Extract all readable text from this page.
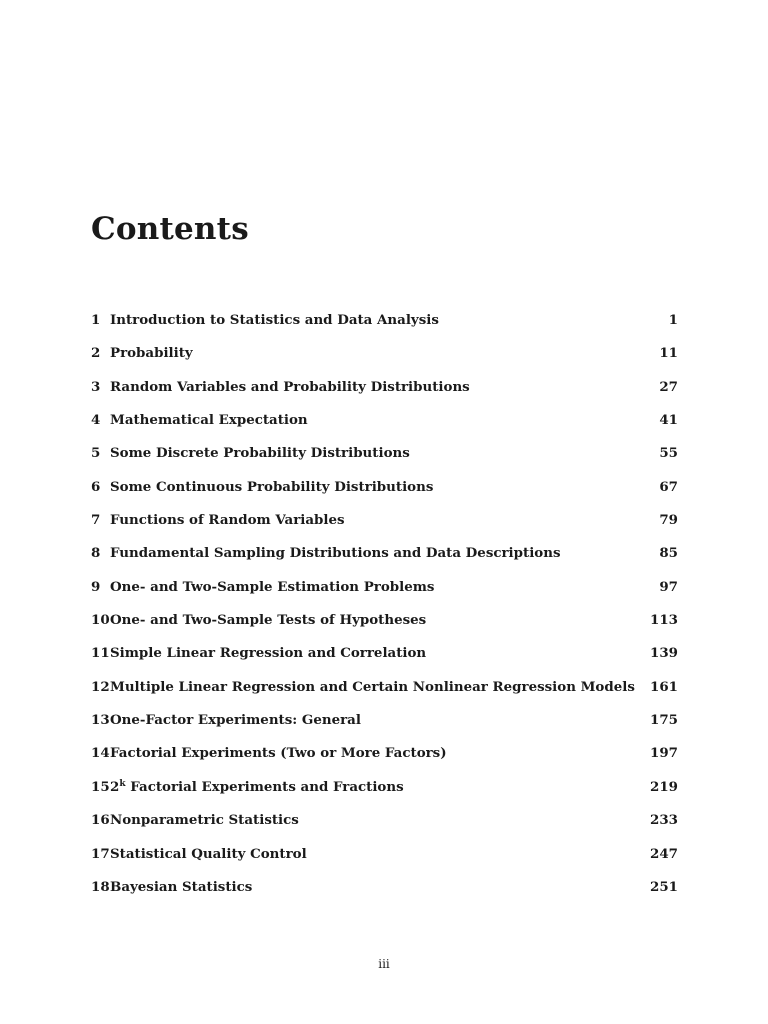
Contents
1 Introduction to Statistics and Data Analysis	1
2 Probability	11
3 Random Variables and Probability Distributions	27
4 Mathematical Expectation	41
5 Some Discrete Probability Distributions	55
6 Some Continuous Probability Distributions	67
7 Functions of Random Variables	79
8 Fundamental Sampling Distributions and Data Descriptions	85
9 One- and Two-Sample Estimation Problems	97
10One- and Two-Sample Tests of Hypotheses	113
11Simple Linear Regression and Correlation	139
12Multiple Linear Regression and Certain Nonlinear Regression Models 161
13One-Factor Experiments: General	175
14Factorial Experiments (Two or More Factors)	197
152$^k$ Factorial Experiments and Fractions	219
16Nonparametric Statistics	233
17Statistical Quality Control	247
18Bayesian Statistics	251
iii
